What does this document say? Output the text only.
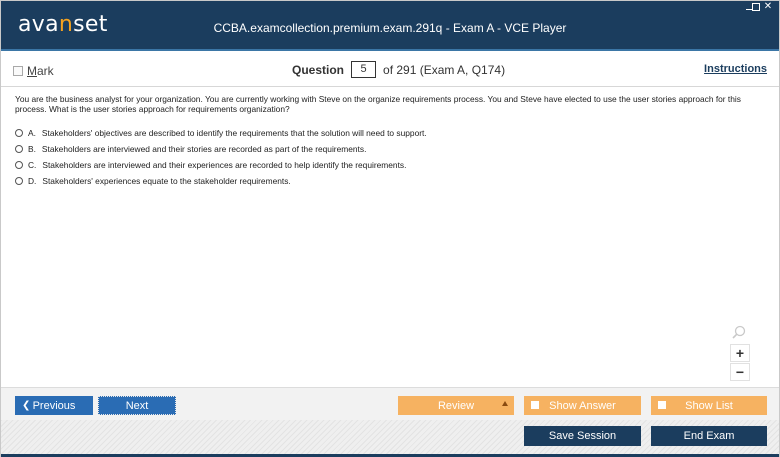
avanset	CCBA.examcollection.premium.exam.291q - Exam A - VCE Player
✕
Mark	Question	5	of 291 (Exam A, Q174)	Instructions
You are the business analyst for your organization. You are currently working with Steve on the organize requirements process. You and Steve have elected to use the user stories approach for this process. What is the user stories approach for requirements organization?
A. Stakeholders' objectives are described to identify the requirements that the solution will need to support.
B. Stakeholders are interviewed and their stories are recorded as part of the requirements.
C. Stakeholders are interviewed and their experiences are recorded to help identify the requirements.
D. Stakeholders' experiences equate to the stakeholder requirements.
+
−
❮ Previous	Next	Review	Show Answer	Show List
Save Session	End Exam
